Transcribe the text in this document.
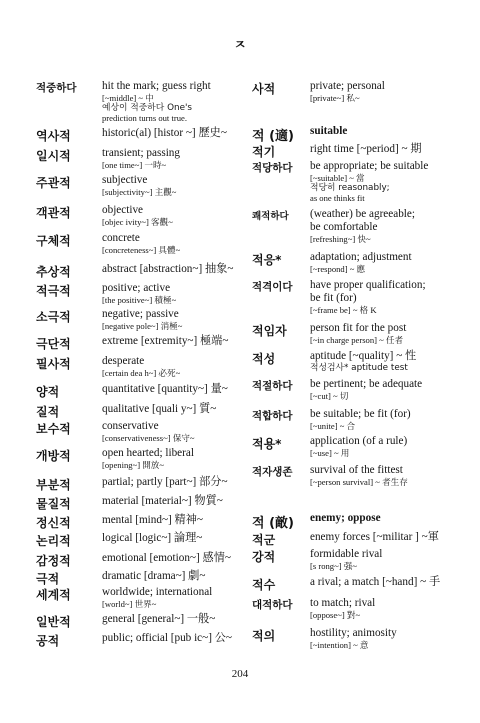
ㅈ
적중하다 hit the mark; guess right
[~middle] ~ 中
예상이 적중하다 One's
prediction turns out true.
역사적	historic(al) [histor ~] 歷史~
일시적	transient; passing
[one time~] 一時~
주관적	subjective
[subjectivity~] 主觀~
객관적	objective
[objec ivity~] 客觀~
구체적	concrete
[concreteness~] 具體~
추상적	abstract [abstraction~] 抽象~
적극적	positive; active
[the positive~] 積極~
소극적	negative; passive
[negative pole~] 消極~
극단적	extreme [extremity~] 極端~
필사적	desperate
[certain dea h~] 必死~
양적	quantitative [quantity~] 量~
질적	qualitative [quali y~] 質~
보수적	conservative
[conservativeness~] 保守~
개방적	open hearted; liberal
[opening~] 開放~
부분적	partial; partly [part~] 部分~
물질적	material [material~] 物質~
정신적	mental [mind~] 精神~
논리적	logical [logic~] 論理~
감정적	emotional [emotion~] 感情~
극적	dramatic [drama~] 劇~
세계적	worldwide; international
[world~] 世界~
일반적	general [general~] 一般~
공적	public; official [pub ic~] 公~
사적	private; personal
[private~] 私~
적 (適) suitable
적기	right time [~period] ~ 期
적당하다 be appropriate; be suitable
[~suitable] ~ 當
적당히 reasonably;
as one thinks fit
쾌적하다 (weather) be agreeable;
be comfortable
[refreshing~] 快~
적응*	adaptation; adjustment
[~respond] ~ 應
적격이다 have proper qualification;
be fit (for)
[~frame be] ~ 格 K
적임자 person fit for the post
[~in charge person] ~ 任者
적성	aptitude [~quality] ~ 性
적성검사* aptitude test
적절하다 be pertinent; be adequate
[~cut] ~ 切
적합하다 be suitable; be fit (for)
[~unite] ~ 合
적용*	application (of a rule)
[~use] ~ 用
적자생존 survival of the fittest
[~person survival] ~ 者生存
적 (敵) enemy; oppose
적군	enemy forces [~militar ] ~軍
강적	formidable rival
[s rong~] 强~
적수	a rival; a match [~hand] ~ 手
대적하다 to match; rival
[oppose~] 對~
적의	hostility; animosity
[~intention] ~ 意
204
